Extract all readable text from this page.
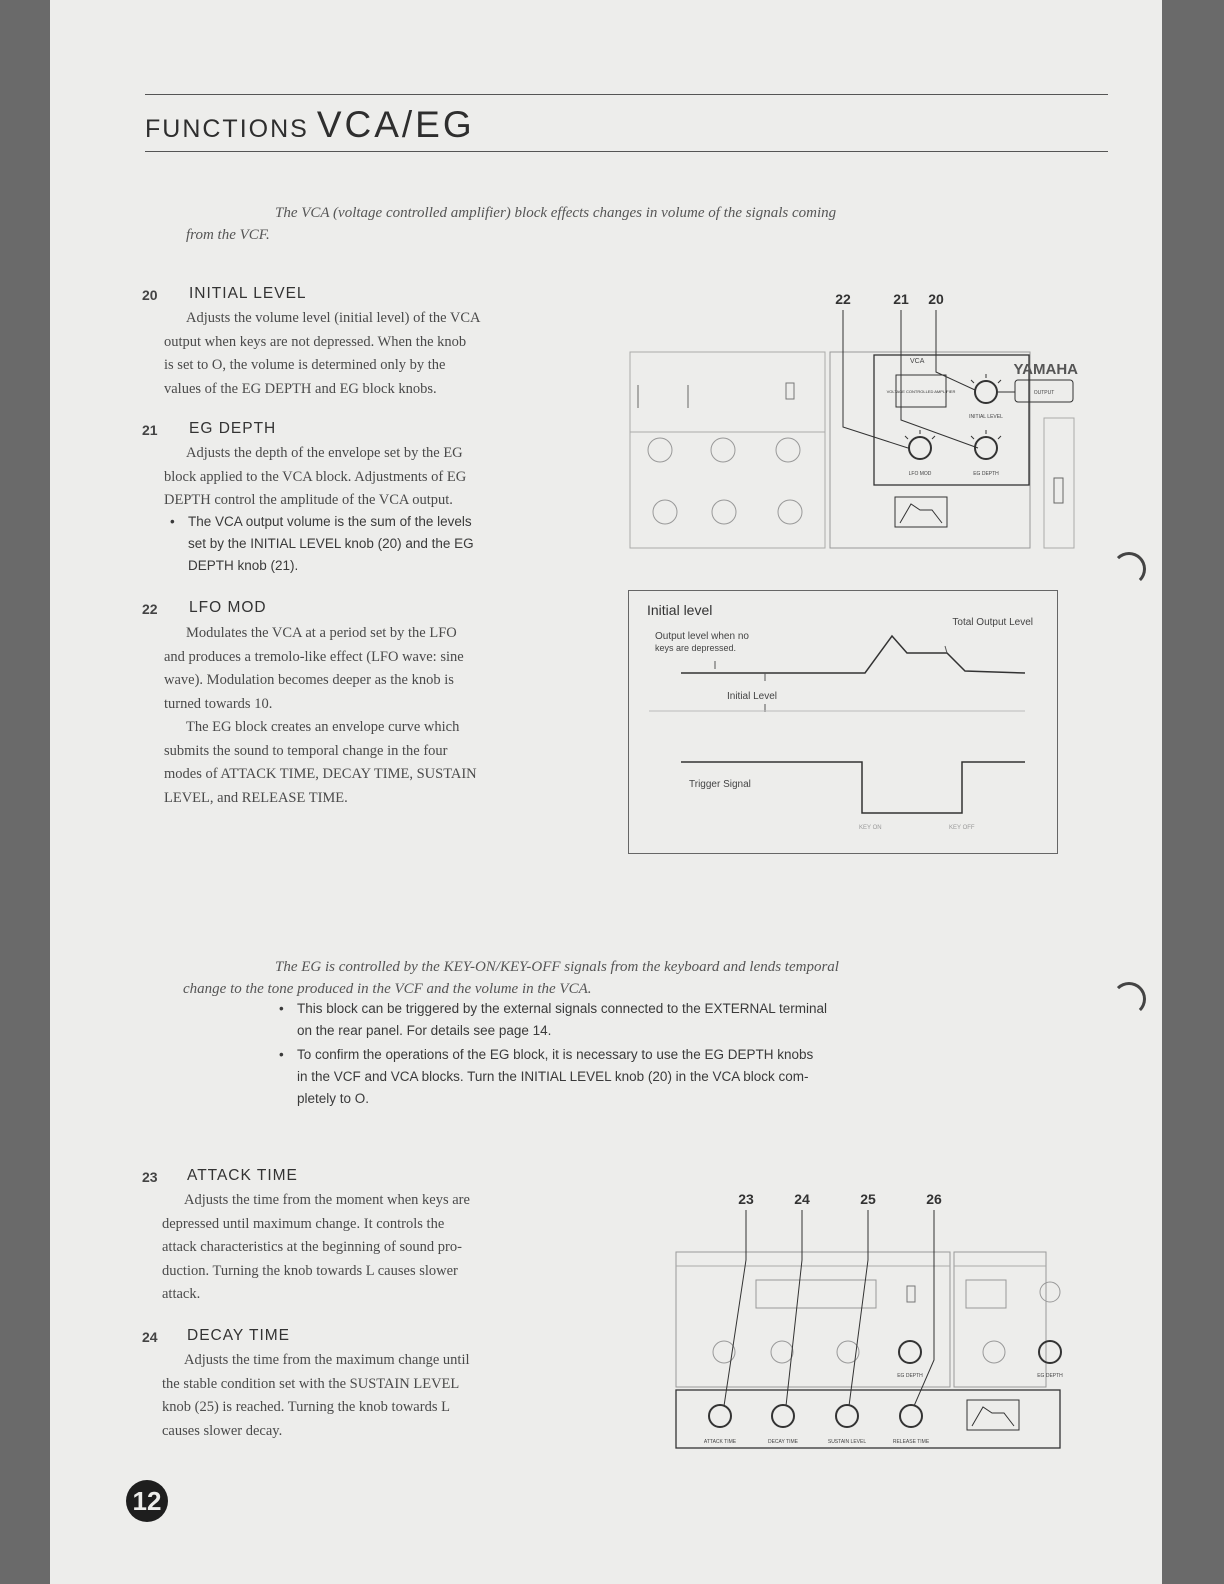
FUNCTIONS VCA/EG
The VCA (voltage controlled amplifier) block effects changes in volume of the signals coming
from the VCF.
20 INITIAL LEVEL
Adjusts the volume level (initial level) of the VCA
output when keys are not depressed. When the knob
is set to O, the volume is determined only by the
values of the EG DEPTH and EG block knobs.
21 EG DEPTH
Adjusts the depth of the envelope set by the EG
block applied to the VCA block. Adjustments of EG
DEPTH control the amplitude of the VCA output.
• The VCA output volume is the sum of the levels
set by the INITIAL LEVEL knob (20) and the EG
DEPTH knob (21).
22 LFO MOD
Modulates the VCA at a period set by the LFO
and produces a tremolo-like effect (LFO wave: sine
wave). Modulation becomes deeper as the knob is
turned towards 10.
The EG block creates an envelope curve which
submits the sound to temporal change in the four
modes of ATTACK TIME, DECAY TIME, SUSTAIN
LEVEL, and RELEASE TIME.
22	21 20
VCA
VOLTAGE CONTROLLED AMPLIFIER
INITIAL LEVEL
LFO MOD	EG DEPTH
YAMAHA
OUTPUT
Initial level
Total Output Level
Output level when no
keys are depressed.
Initial Level
Trigger Signal
KEY ON	KEY OFF
The EG is controlled by the KEY-ON/KEY-OFF signals from the keyboard and lends temporal
change to the tone produced in the VCF and the volume in the VCA.
• This block can be triggered by the external signals connected to the EXTERNAL terminal
on the rear panel. For details see page 14.
• To confirm the operations of the EG block, it is necessary to use the EG DEPTH knobs
in the VCF and VCA blocks. Turn the INITIAL LEVEL knob (20) in the VCA block com-
pletely to O.
23 ATTACK TIME
Adjusts the time from the moment when keys are
depressed until maximum change. It controls the
attack characteristics at the beginning of sound pro-
duction. Turning the knob towards L causes slower
attack.
24 DECAY TIME
Adjusts the time from the maximum change until
the stable condition set with the SUSTAIN LEVEL
knob (25) is reached. Turning the knob towards L
causes slower decay.
23	24	25	26
EG DEPTH	EG DEPTH
ATTACK TIME	DECAY TIME	SUSTAIN LEVEL	RELEASE TIME
12
